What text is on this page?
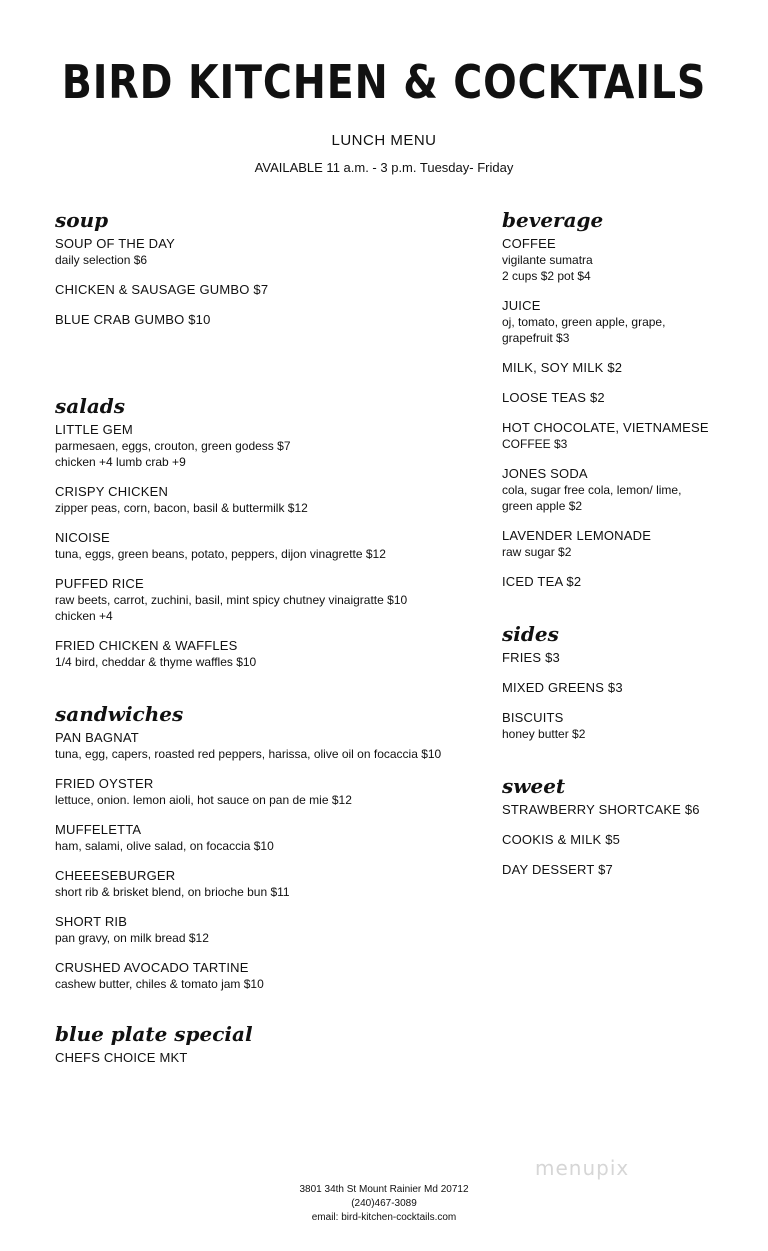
BIRD KITCHEN & COCKTAILS
LUNCH MENU
AVAILABLE 11 a.m. - 3 p.m. Tuesday- Friday
soup
SOUP OF THE DAY
daily selection $6
CHICKEN & SAUSAGE GUMBO $7
BLUE CRAB GUMBO $10
salads
LITTLE GEM
parmesaen, eggs, crouton, green godess $7
chicken +4 lumb crab +9
CRISPY CHICKEN
zipper peas, corn, bacon, basil & buttermilk $12
NICOISE
tuna, eggs, green beans, potato, peppers, dijon vinagrette $12
PUFFED RICE
raw beets, carrot, zuchini, basil, mint spicy chutney vinaigratte $10
chicken +4
FRIED CHICKEN & WAFFLES
1/4 bird, cheddar & thyme waffles $10
sandwiches
PAN BAGNAT
tuna, egg, capers, roasted red peppers, harissa, olive oil on focaccia $10
FRIED OYSTER
lettuce, onion. lemon aioli, hot sauce on pan de mie $12
MUFFELETTA
ham, salami, olive salad, on focaccia $10
CHEEESEBURGER
short rib & brisket blend, on brioche bun $11
SHORT RIB
pan gravy, on milk bread $12
CRUSHED AVOCADO TARTINE
cashew butter, chiles & tomato jam $10
blue plate special
CHEFS CHOICE MKT
beverage
COFFEE
vigilante sumatra
2 cups $2 pot $4
JUICE
oj, tomato, green apple, grape,
grapefruit $3
MILK, SOY MILK $2
LOOSE TEAS $2
HOT CHOCOLATE, VIETNAMESE
COFFEE $3
JONES SODA
cola, sugar free cola, lemon/ lime,
green apple $2
LAVENDER LEMONADE
raw sugar $2
ICED TEA $2
sides
FRIES $3
MIXED GREENS $3
BISCUITS
honey butter $2
sweet
STRAWBERRY SHORTCAKE $6
COOKIS & MILK $5
DAY DESSERT $7
menupix
3801 34th St Mount Rainier Md 20712
(240)467-3089
email: bird-kitchen-cocktails.com
